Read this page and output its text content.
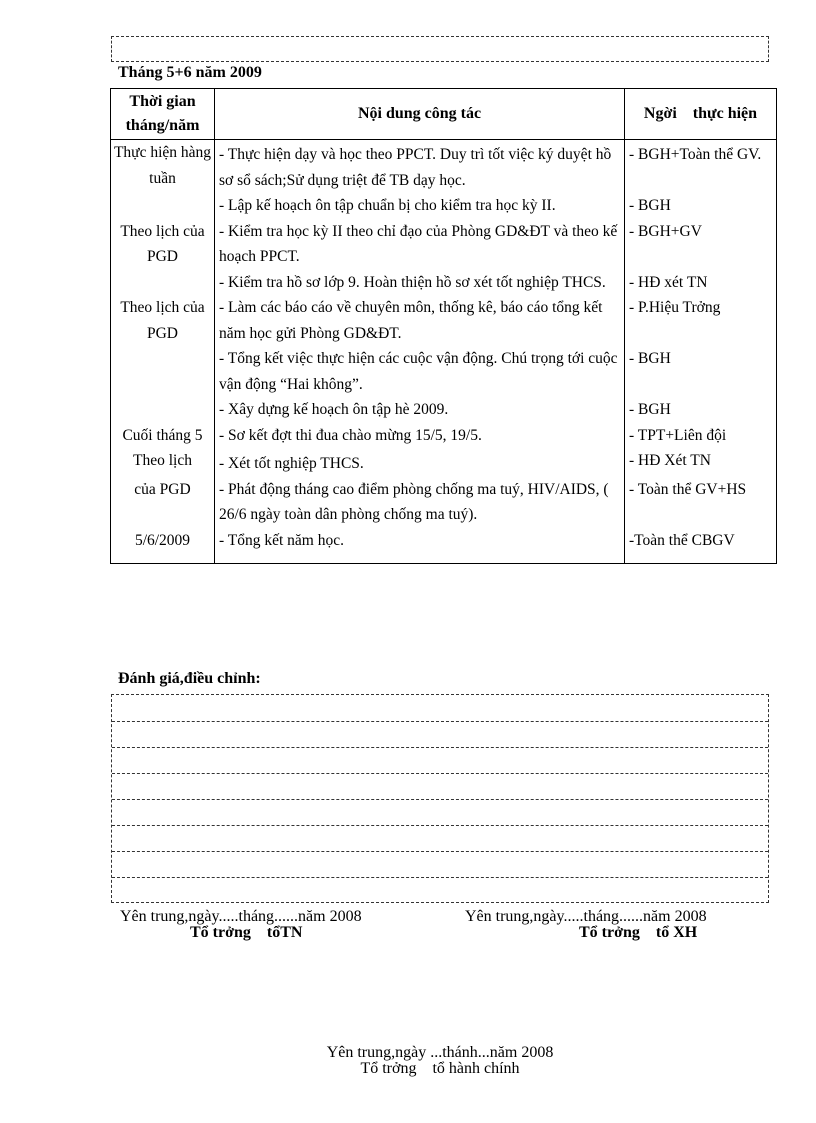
Tháng 5+6 năm 2009
Thời gian tháng/năm	Nội dung công tác	Ngời    thực hiện
Thực hiện hàng tuần	- Thực hiện dạy và học theo PPCT. Duy trì tốt việc ký duyệt hồ sơ sổ sách;Sử dụng triệt để TB dạy học.	- BGH+Toàn thể GV.
	- Lập kế hoạch ôn tập chuẩn bị cho kiểm tra học kỳ II.	- BGH
Theo lịch của PGD	- Kiểm tra học kỳ II theo chỉ đạo của Phòng GD&ĐT và theo kế hoạch PPCT.	- BGH+GV
	- Kiểm tra hồ sơ lớp 9. Hoàn thiện hồ sơ xét tốt nghiệp THCS.	- HĐ xét TN
Theo lịch của PGD	- Làm các báo cáo về chuyên môn, thống kê, báo cáo tổng kết năm học gửi Phòng GD&ĐT.	- P.Hiệu Trởng
	- Tổng kết việc thực hiện các cuộc vận động. Chú trọng tới cuộc vận động “Hai không”.	- BGH
	- Xây dựng kế hoạch ôn tập hè 2009.	- BGH
Cuối tháng 5	- Sơ kết đợt thi đua chào mừng 15/5, 19/5.	- TPT+Liên đội
Theo lịch	- Xét tốt nghiệp THCS.	- HĐ Xét TN
của PGD	- Phát động tháng cao điểm phòng chống ma tuý, HIV/AIDS, ( 26/6 ngày toàn dân phòng chống ma tuý).	- Toàn thể GV+HS
5/6/2009	- Tổng kết năm học.	-Toàn thể CBGV
Đánh giá,điều chỉnh:
Yên trung,ngày.....tháng......năm 2008
Tổ trởng    tổTN
Yên trung,ngày.....tháng......năm 2008
Tổ trởng    tổ XH
Yên trung,ngày ...thánh...năm 2008
Tổ trởng    tổ hành chính
